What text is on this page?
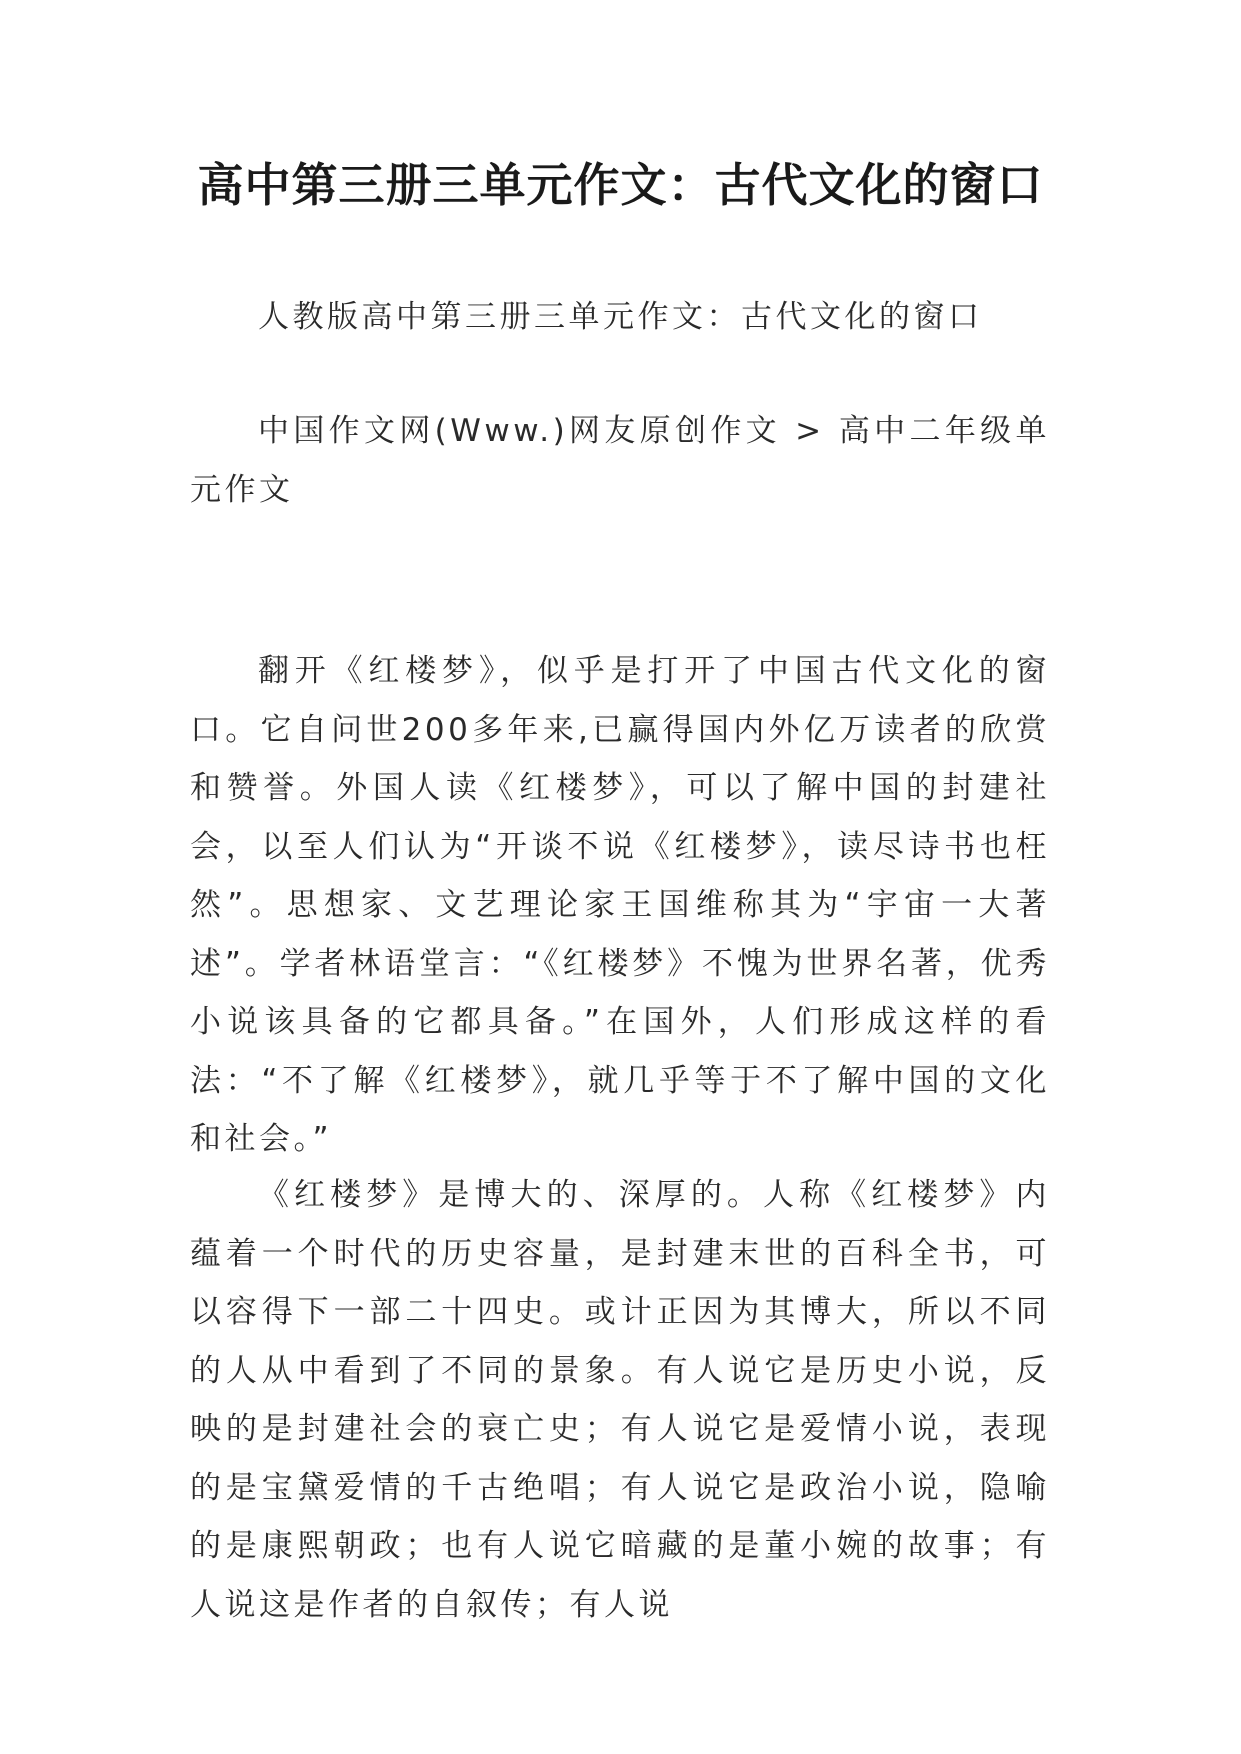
高中第三册三单元作文：古代文化的窗口

人教版高中第三册三单元作文：古代文化的窗口

中国作文网(Www.)网友原创作文 > 高中二年级单元作文

翻开《红楼梦》，似乎是打开了中国古代文化的窗口。它自问世200多年来,已赢得国内外亿万读者的欣赏和赞誉。外国人读《红楼梦》，可以了解中国的封建社会，以至人们认为“开谈不说《红楼梦》，读尽诗书也枉然”。思想家、文艺理论家王国维称其为“宇宙一大著述”。学者林语堂言：“《红楼梦》不愧为世界名著，优秀小说该具备的它都具备。”在国外，人们形成这样的看法：“不了解《红楼梦》，就几乎等于不了解中国的文化和社会。”

《红楼梦》是博大的、深厚的。人称《红楼梦》内蕴着一个时代的历史容量，是封建末世的百科全书，可以容得下一部二十四史。或计正因为其博大，所以不同的人从中看到了不同的景象。有人说它是历史小说，反映的是封建社会的衰亡史；有人说它是爱情小说，表现的是宝黛爱情的千古绝唱；有人说它是政治小说，隐喻的是康熙朝政；也有人说它暗藏的是董小婉的故事；有人说这是作者的自叙传；有人说
